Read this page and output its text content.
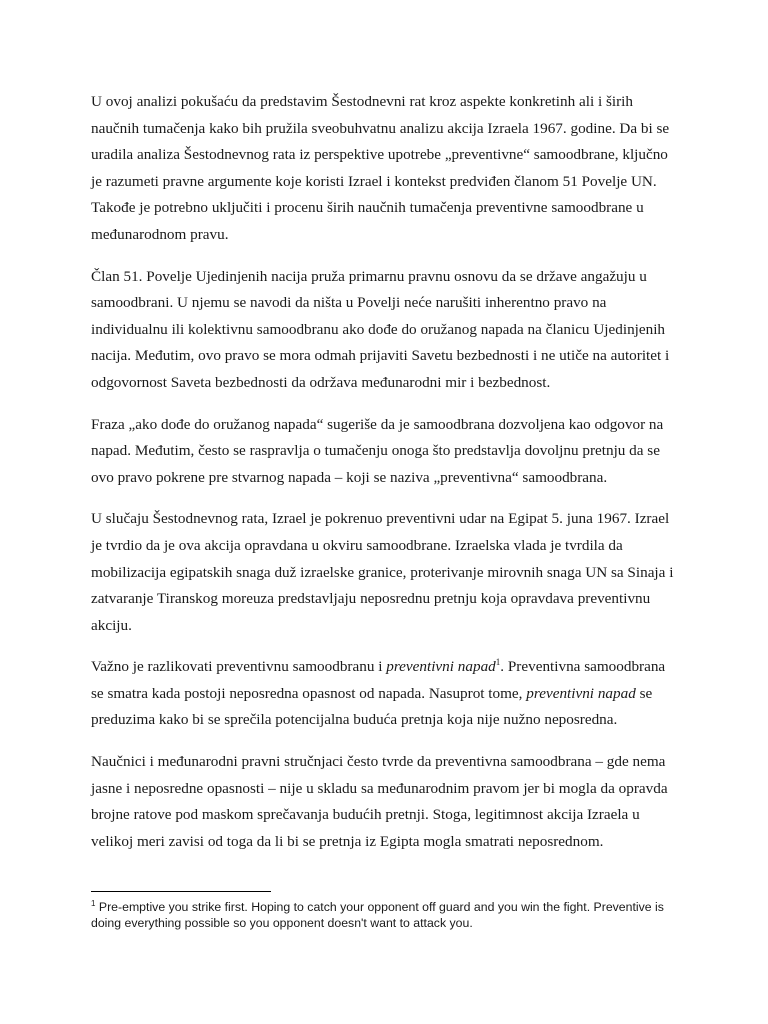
U ovoj analizi pokušaću da predstavim Šestodnevni rat kroz aspekte konkretinh ali i širih naučnih tumačenja kako bih pružila sveobuhvatnu analizu akcija Izraela 1967. godine. Da bi se uradila analiza Šestodnevnog rata iz perspektive upotrebe „preventivne“ samoodbrane, ključno je razumeti pravne argumente koje koristi Izrael i kontekst predviđen članom 51 Povelje UN. Takođe je potrebno uključiti i procenu širih naučnih tumačenja preventivne samoodbrane u međunarodnom pravu.

Član 51. Povelje Ujedinjenih nacija pruža primarnu pravnu osnovu da se države angažuju u samoodbrani. U njemu se navodi da ništa u Povelji neće narušiti inherentno pravo na individualnu ili kolektivnu samoodbranu ako dođe do oružanog napada na članicu Ujedinjenih nacija. Međutim, ovo pravo se mora odmah prijaviti Savetu bezbednosti i ne utiče na autoritet i odgovornost Saveta bezbednosti da održava međunarodni mir i bezbednost.

Fraza „ako dođe do oružanog napada“ sugeriše da je samoodbrana dozvoljena kao odgovor na napad. Međutim, često se raspravlja o tumačenju onoga što predstavlja dovoljnu pretnju da se ovo pravo pokrene pre stvarnog napada – koji se naziva „preventivna“ samoodbrana.

U slučaju Šestodnevnog rata, Izrael je pokrenuo preventivni udar na Egipat 5. juna 1967. Izrael je tvrdio da je ova akcija opravdana u okviru samoodbrane. Izraelska vlada je tvrdila da mobilizacija egipatskih snaga duž izraelske granice, proterivanje mirovnih snaga UN sa Sinaja i zatvaranje Tiranskog moreuza predstavljaju neposrednu pretnju koja opravdava preventivnu akciju.

Važno je razlikovati preventivnu samoodbranu i preventivni napad$^1$. Preventivna samoodbrana se smatra kada postoji neposredna opasnost od napada. Nasuprot tome, preventivni napad se preduzima kako bi se sprečila potencijalna buduća pretnja koja nije nužno neposredna.

Naučnici i međunarodni pravni stručnjaci često tvrde da preventivna samoodbrana – gde nema jasne i neposredne opasnosti – nije u skladu sa međunarodnim pravom jer bi mogla da opravda brojne ratove pod maskom sprečavanja budućih pretnji. Stoga, legitimnost akcija Izraela u velikoj meri zavisi od toga da li bi se pretnja iz Egipta mogla smatrati neposrednom.

$^1$ Pre-emptive you strike first. Hoping to catch your opponent off guard and you win the fight. Preventive is doing everything possible so you opponent doesn't want to attack you.
